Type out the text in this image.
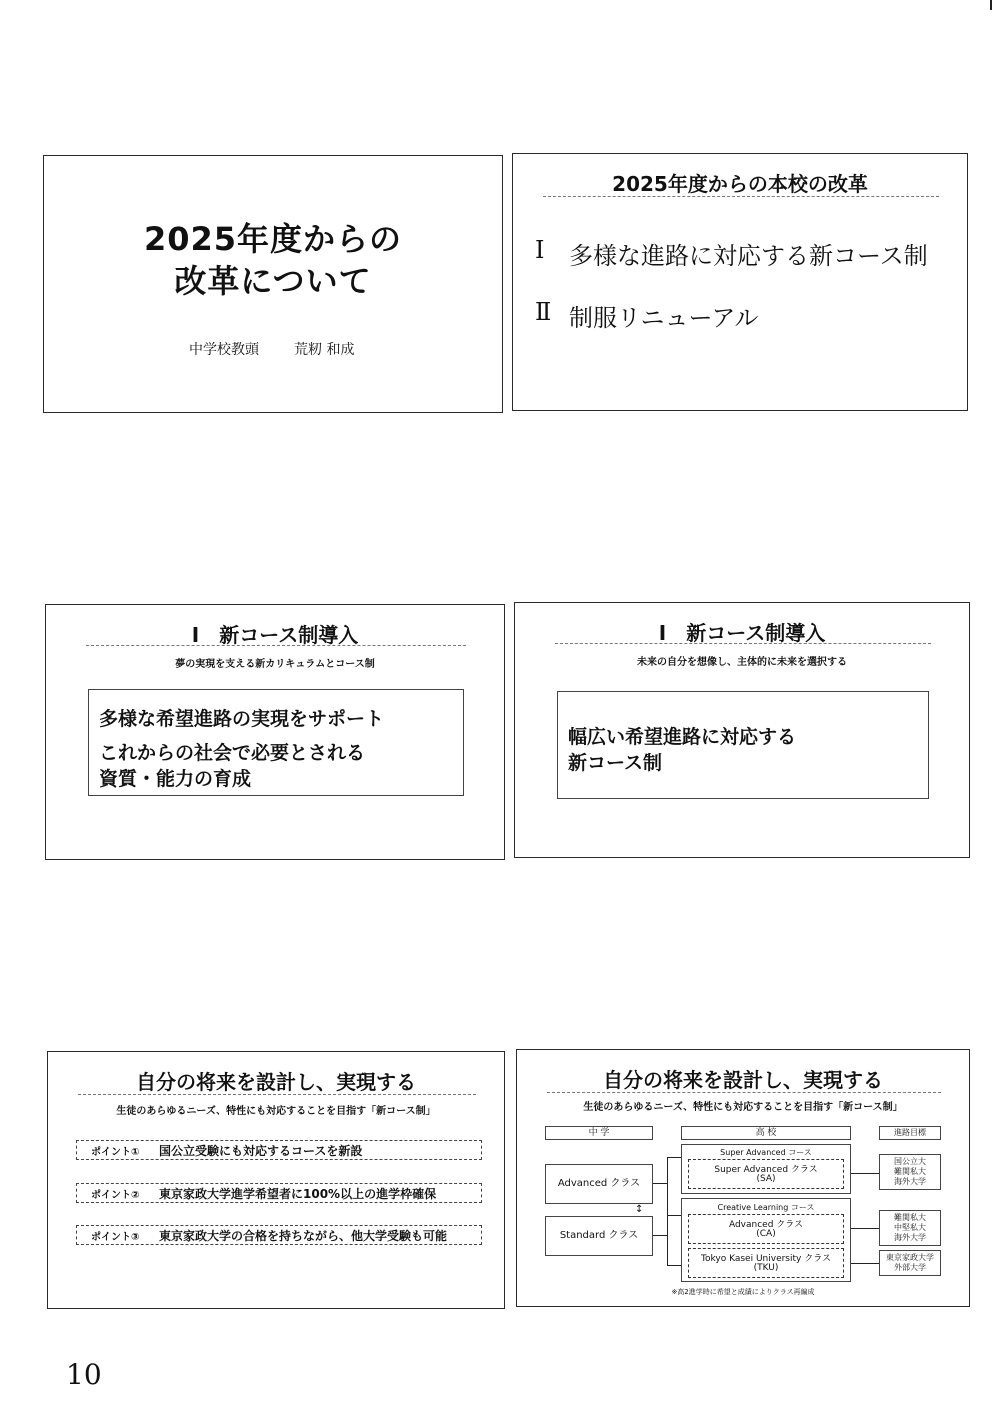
2025年度からの
改革について
中学校教頭	荒籾 和成
2025年度からの本校の改革
Ⅰ 多様な進路に対応する新コース制
Ⅱ 制服リニューアル
Ⅰ　新コース制導入
夢の実現を支える新カリキュラムとコース制
多様な希望進路の実現をサポート
これからの社会で必要とされる
資質・能力の育成
Ⅰ　新コース制導入
未来の自分を想像し、主体的に未来を選択する
幅広い希望進路に対応する
新コース制
自分の将来を設計し、実現する
生徒のあらゆるニーズ、特性にも対応することを目指す「新コース制」
ポイント① 国公立受験にも対応するコースを新設
ポイント② 東京家政大学進学希望者に100%以上の進学枠確保
ポイント③ 東京家政大学の合格を持ちながら、他大学受験も可能
自分の将来を設計し、実現する
生徒のあらゆるニーズ、特性にも対応することを目指す「新コース制」
中 学	高 校	進路目標
Advanced クラス
Standard クラス
↕
Super Advanced コース
Super Advanced クラス
(SA)
Creative Learning コース
Advanced クラス
(CA)
Tokyo Kasei University クラス
(TKU)
国公立大
難関私大
海外大学
難関私大
中堅私大
海外大学
東京家政大学
外部大学
※高2進学時に希望と成績によりクラス再編成
10
